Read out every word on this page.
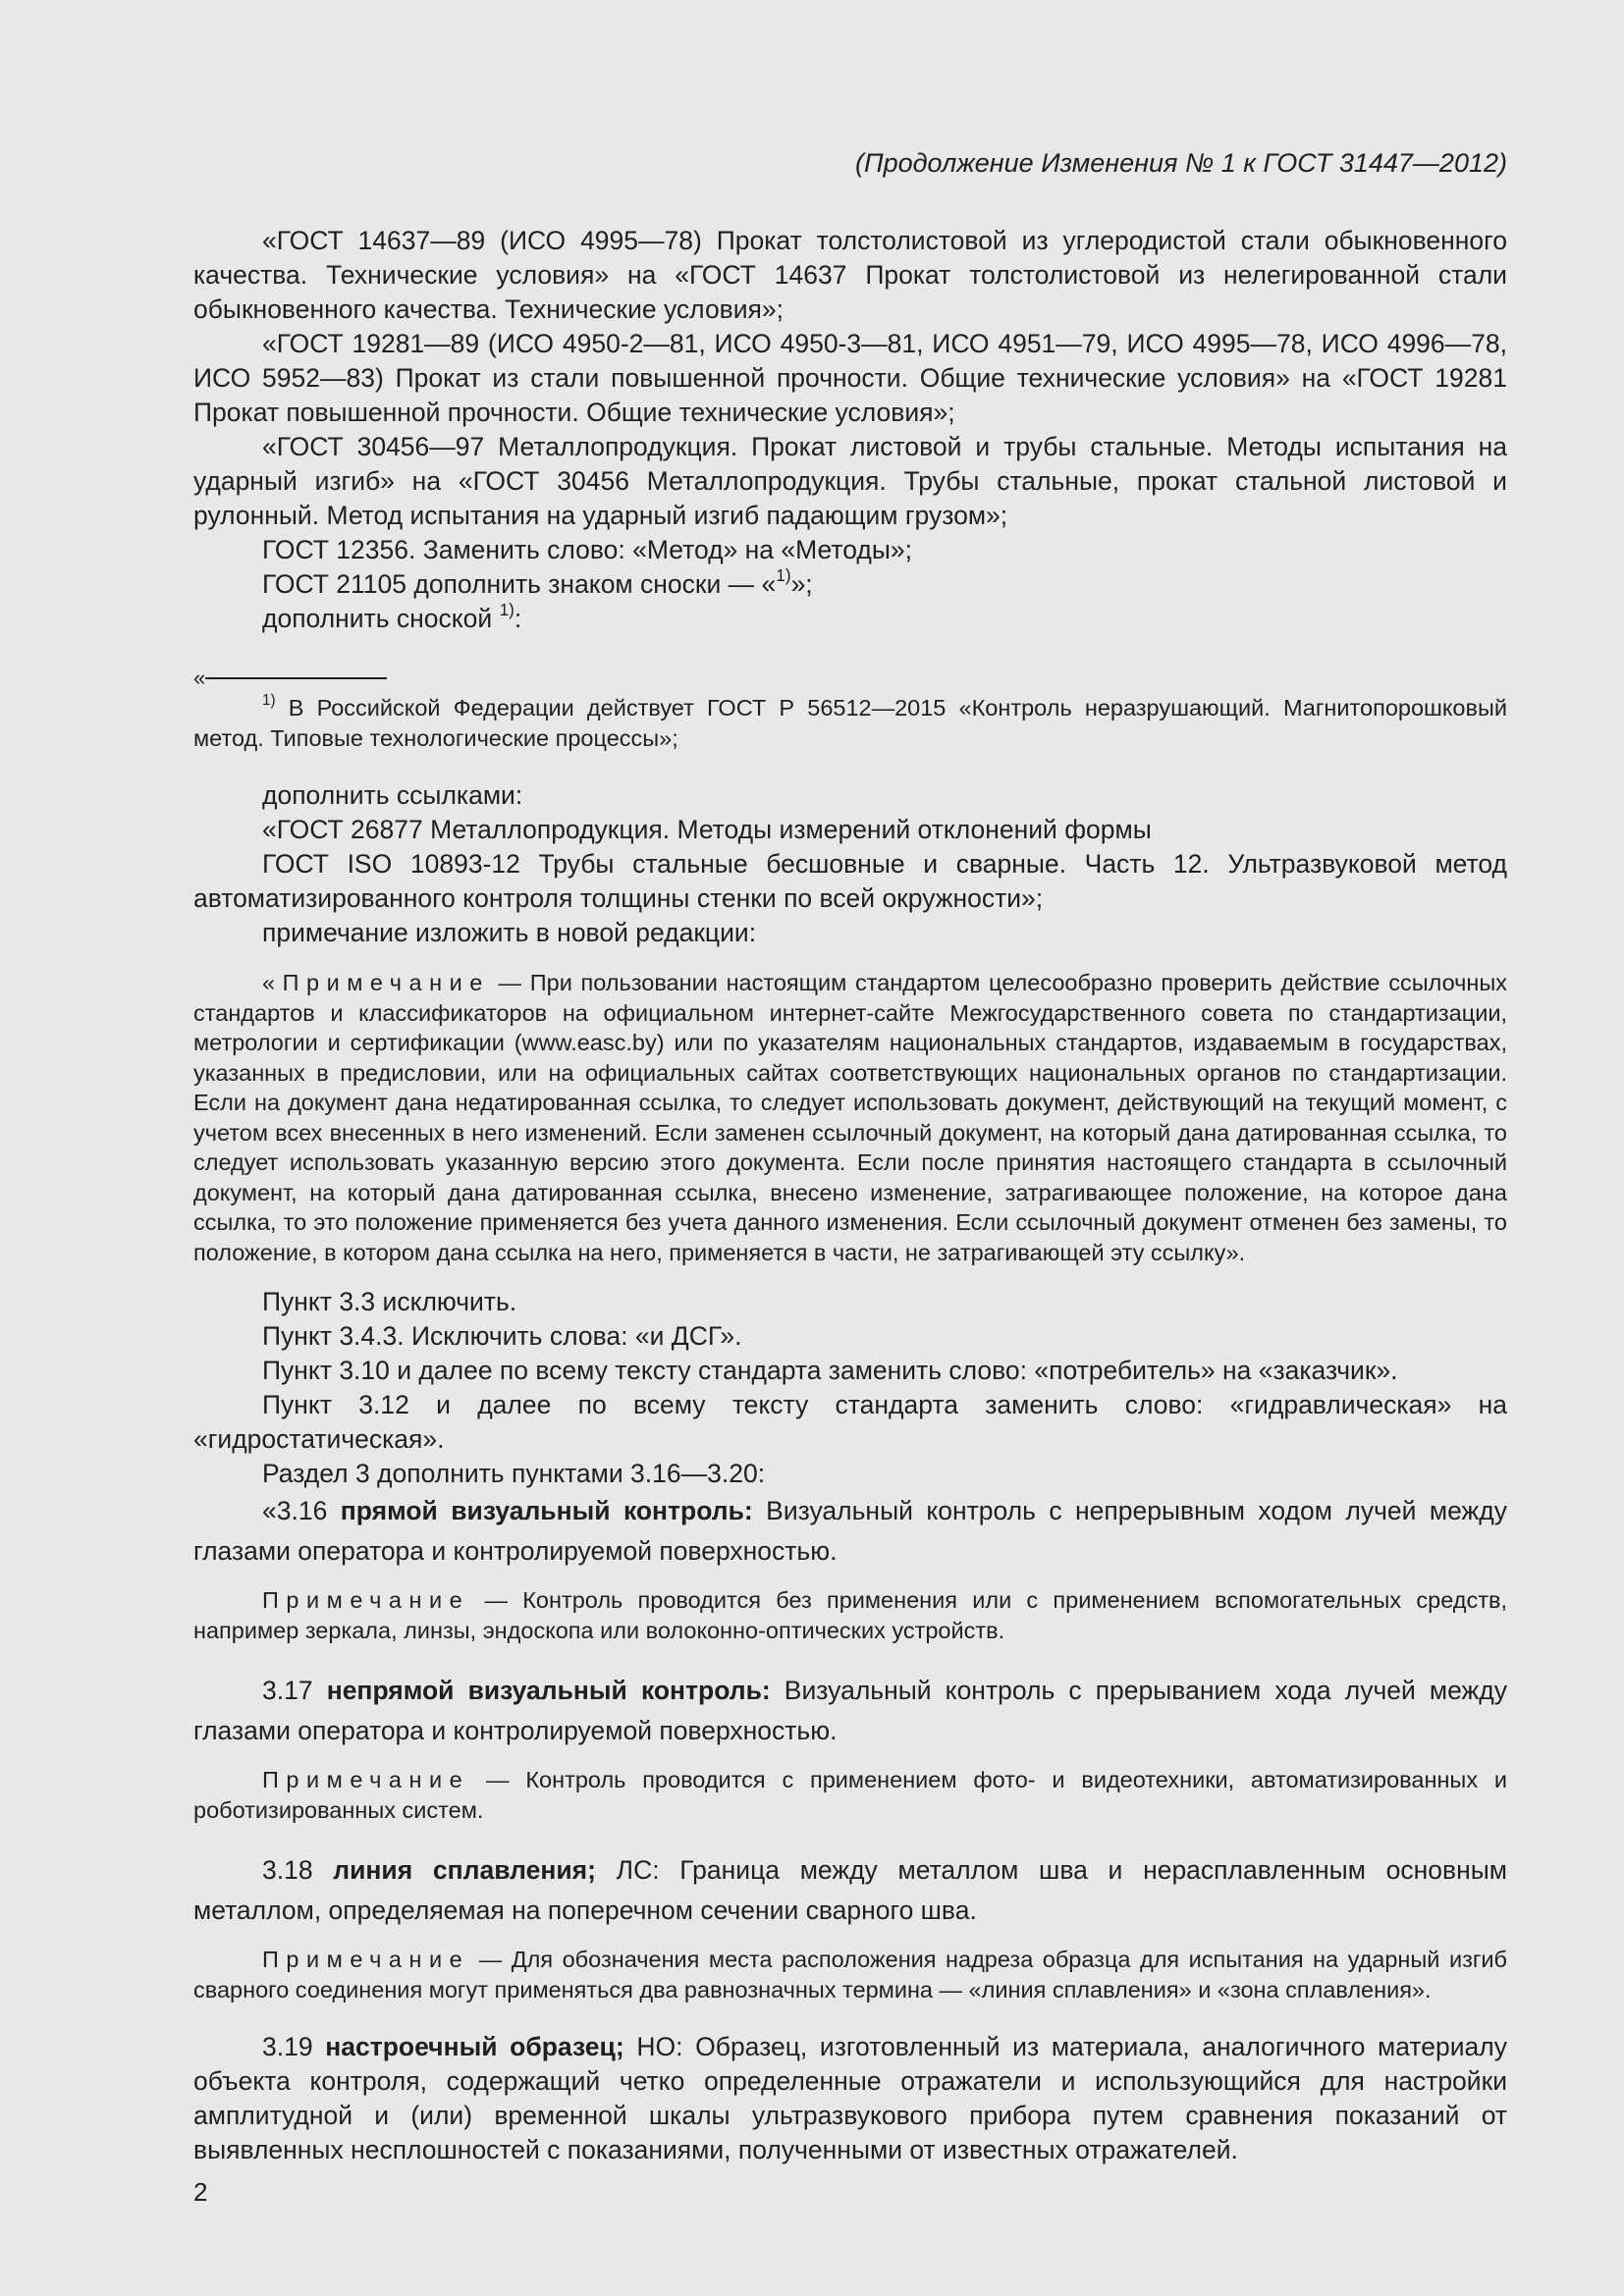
(Продолжение Изменения № 1 к ГОСТ 31447—2012)

«ГОСТ 14637—89 (ИСО 4995—78) Прокат толстолистовой из углеродистой стали обыкновенного качества. Технические условия» на «ГОСТ 14637 Прокат толстолистовой из нелегированной стали обыкновенного качества. Технические условия»;

«ГОСТ 19281—89 (ИСО 4950-2—81, ИСО 4950-3—81, ИСО 4951—79, ИСО 4995—78, ИСО 4996—78, ИСО 5952—83) Прокат из стали повышенной прочности. Общие технические условия» на «ГОСТ 19281 Прокат повышенной прочности. Общие технические условия»;

«ГОСТ 30456—97 Металлопродукция. Прокат листовой и трубы стальные. Методы испытания на ударный изгиб» на «ГОСТ 30456 Металлопродукция. Трубы стальные, прокат стальной листовой и рулонный. Метод испытания на ударный изгиб падающим грузом»;

ГОСТ 12356. Заменить слово: «Метод» на «Методы»;

ГОСТ 21105 дополнить знаком сноски — «$^{1)}$»;

дополнить сноской $^{1)}$:

«

$^{1)}$ В Российской Федерации действует ГОСТ Р 56512—2015 «Контроль неразрушающий. Магнитопорошковый метод. Типовые технологические процессы»;

дополнить ссылками:

«ГОСТ 26877 Металлопродукция. Методы измерений отклонений формы

ГОСТ ISO 10893-12 Трубы стальные бесшовные и сварные. Часть 12. Ультразвуковой метод автоматизированного контроля толщины стенки по всей окружности»;

примечание изложить в новой редакции:

«Примечание — При пользовании настоящим стандартом целесообразно проверить действие ссылочных стандартов и классификаторов на официальном интернет-сайте Межгосударственного совета по стандартизации, метрологии и сертификации (www.easc.by) или по указателям национальных стандартов, издаваемым в государствах, указанных в предисловии, или на официальных сайтах соответствующих национальных органов по стандартизации. Если на документ дана недатированная ссылка, то следует использовать документ, действующий на текущий момент, с учетом всех внесенных в него изменений. Если заменен ссылочный документ, на который дана датированная ссылка, то следует использовать указанную версию этого документа. Если после принятия настоящего стандарта в ссылочный документ, на который дана датированная ссылка, внесено изменение, затрагивающее положение, на которое дана ссылка, то это положение применяется без учета данного изменения. Если ссылочный документ отменен без замены, то положение, в котором дана ссылка на него, применяется в части, не затрагивающей эту ссылку».

Пункт 3.3 исключить.

Пункт 3.4.3. Исключить слова: «и ДСГ».

Пункт 3.10 и далее по всему тексту стандарта заменить слово: «потребитель» на «заказчик».

Пункт 3.12 и далее по всему тексту стандарта заменить слово: «гидравлическая» на «гидростатическая».

Раздел 3 дополнить пунктами 3.16—3.20:

«3.16 прямой визуальный контроль: Визуальный контроль с непрерывным ходом лучей между глазами оператора и контролируемой поверхностью.

Примечание — Контроль проводится без применения или с применением вспомогательных средств, например зеркала, линзы, эндоскопа или волоконно-оптических устройств.

3.17 непрямой визуальный контроль: Визуальный контроль с прерыванием хода лучей между глазами оператора и контролируемой поверхностью.

Примечание — Контроль проводится с применением фото- и видеотехники, автоматизированных и роботизированных систем.

3.18 линия сплавления; ЛС: Граница между металлом шва и нерасплавленным основным металлом, определяемая на поперечном сечении сварного шва.

Примечание — Для обозначения места расположения надреза образца для испытания на ударный изгиб сварного соединения могут применяться два равнозначных термина — «линия сплавления» и «зона сплавления».

3.19 настроечный образец; НО: Образец, изготовленный из материала, аналогичного материалу объекта контроля, содержащий четко определенные отражатели и использующийся для настройки амплитудной и (или) временной шкалы ультразвукового прибора путем сравнения показаний от выявленных несплошностей с показаниями, полученными от известных отражателей.

2
